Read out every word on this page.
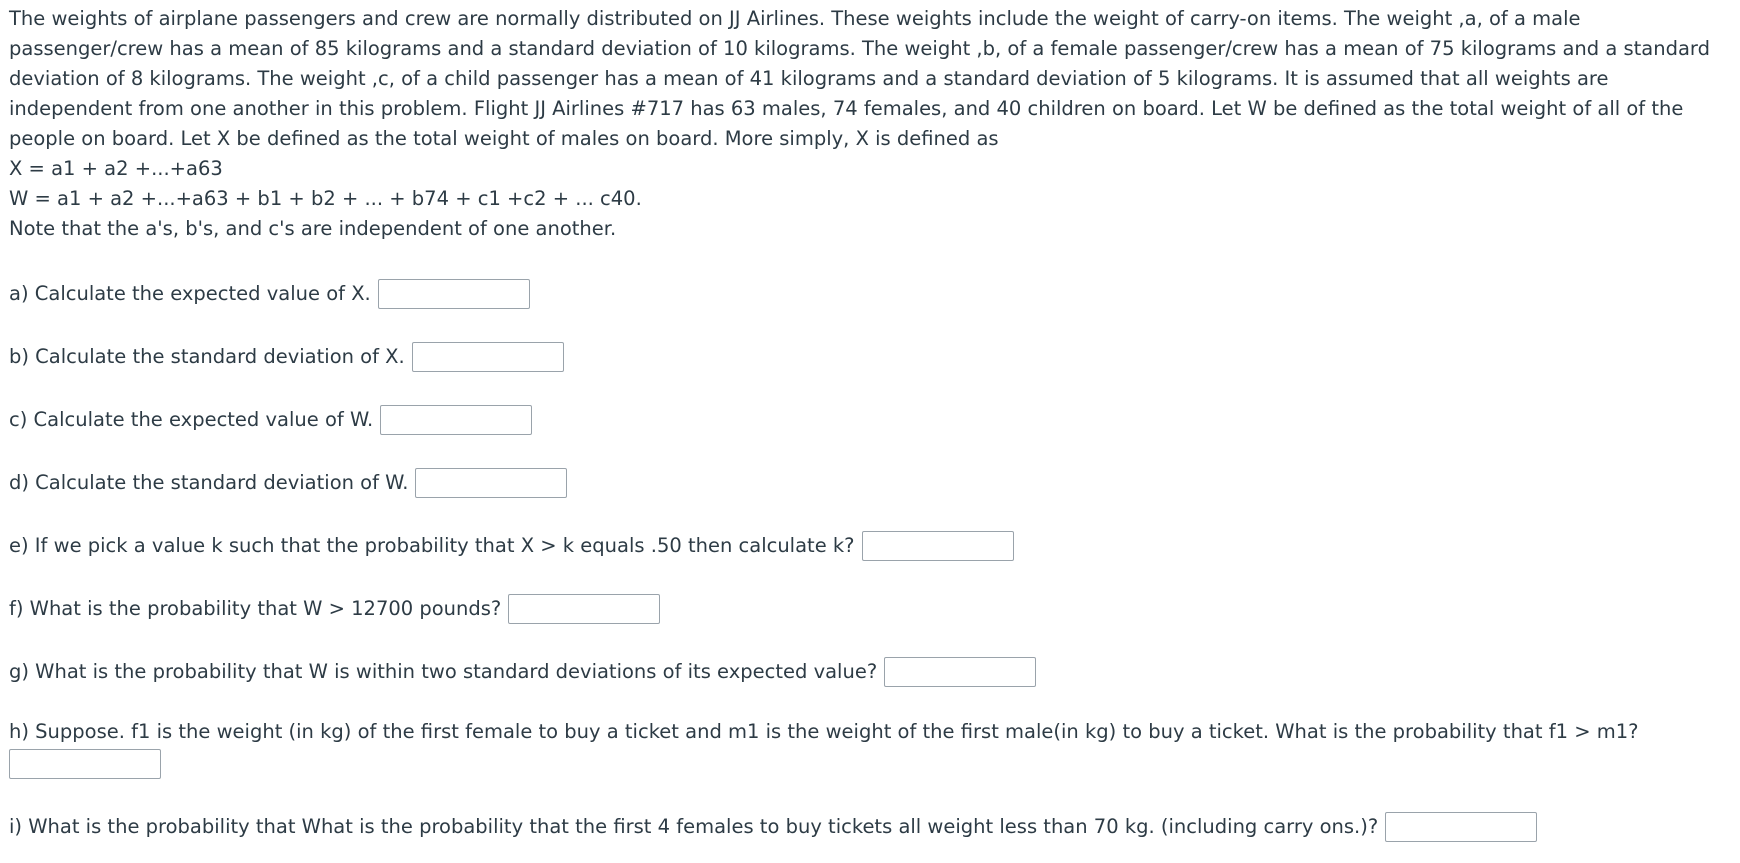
The weights of airplane passengers and crew are normally distributed on JJ Airlines. These weights include the weight of carry-on items. The weight ,a, of a male passenger/crew has a mean of 85 kilograms and a standard deviation of 10 kilograms. The weight ,b, of a female passenger/crew has a mean of 75 kilograms and a standard deviation of 8 kilograms. The weight ,c, of a child passenger has a mean of 41 kilograms and a standard deviation of 5 kilograms. It is assumed that all weights are independent from one another in this problem. Flight JJ Airlines #717 has 63 males, 74 females, and 40 children on board. Let W be defined as the total weight of all of the people on board. Let X be defined as the total weight of males on board. More simply, X is defined as

X = a1 + a2 +...+a63
W = a1 + a2 +...+a63 + b1 + b2 + ... + b74 + c1 +c2 + ... c40.
Note that the a's, b's, and c's are independent of one another.
a) Calculate the expected value of X.
b) Calculate the standard deviation of X.
c) Calculate the expected value of W.
d) Calculate the standard deviation of W.
e) If we pick a value k such that the probability that X > k equals .50 then calculate k?
f) What is the probability that W > 12700 pounds?
g) What is the probability that W is within two standard deviations of its expected value?
h) Suppose. f1 is the weight (in kg) of the first female to buy a ticket and m1 is the weight of the first male(in kg) to buy a ticket. What is the probability that f1 > m1?
i) What is the probability that What is the probability that the first 4 females to buy tickets all weight less than 70 kg. (including carry ons.)?
